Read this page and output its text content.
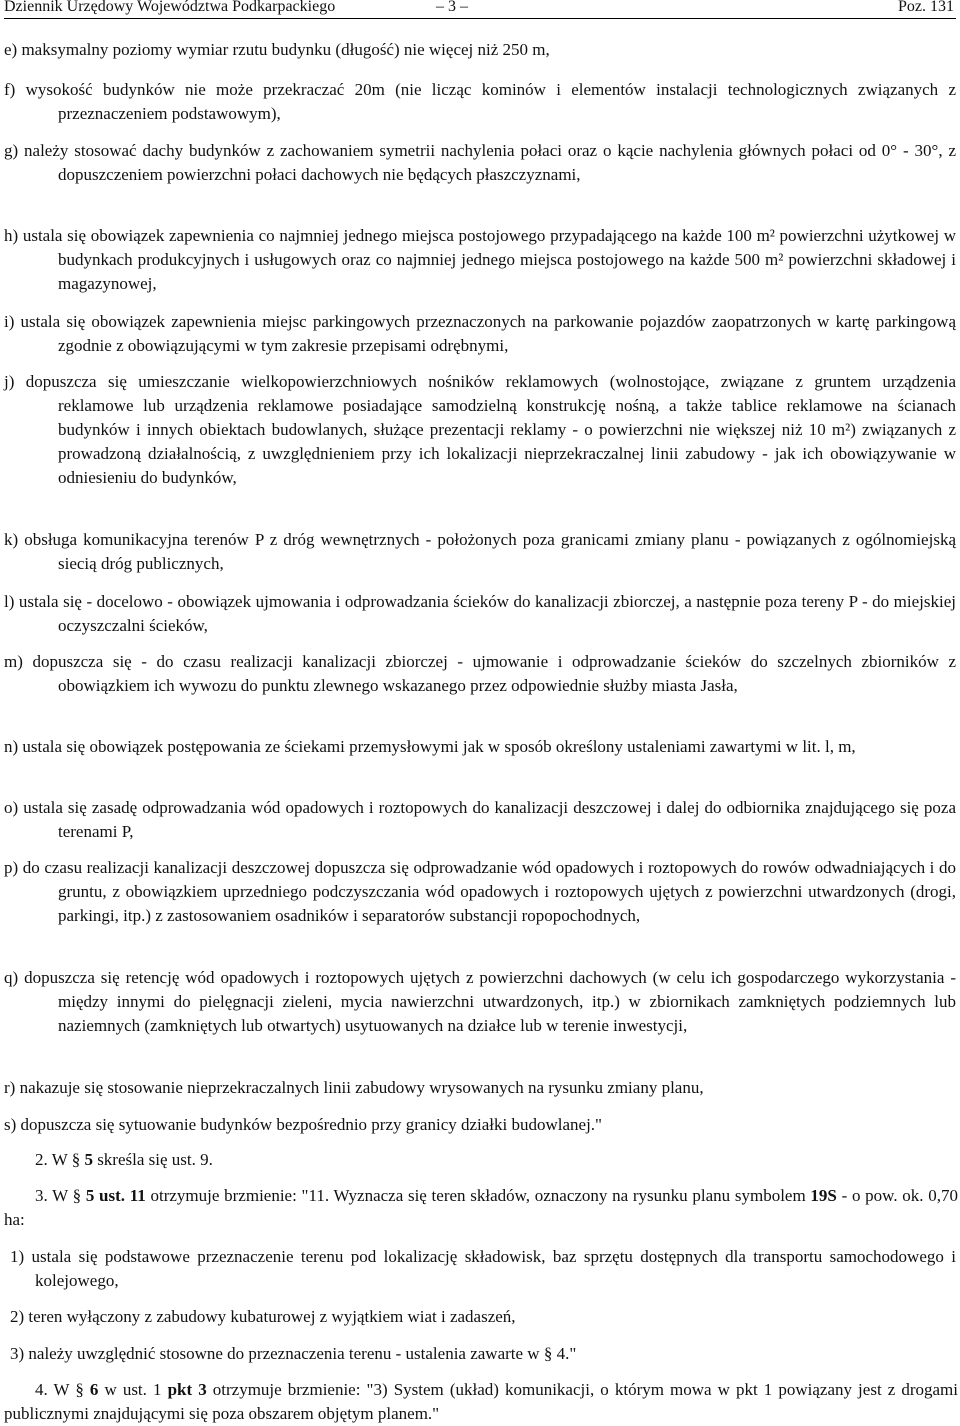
Dziennik Urzędowy Województwa Podkarpackiego	– 3 –	Poz. 131

e) maksymalny poziomy wymiar rzutu budynku (długość) nie więcej niż 250 m,

f) wysokość budynków nie może przekraczać 20m (nie licząc kominów i elementów instalacji technologicznych związanych z przeznaczeniem podstawowym),

g) należy stosować dachy budynków z zachowaniem symetrii nachylenia połaci oraz o kącie nachylenia głównych połaci od 0° - 30°, z dopuszczeniem powierzchni połaci dachowych nie będących płaszczyznami,

h) ustala się obowiązek zapewnienia co najmniej jednego miejsca postojowego przypadającego na każde 100 m² powierzchni użytkowej w budynkach produkcyjnych i usługowych oraz co najmniej jednego miejsca postojowego na każde 500 m² powierzchni składowej i magazynowej,

i) ustala się obowiązek zapewnienia miejsc parkingowych przeznaczonych na parkowanie pojazdów zaopatrzonych w kartę parkingową zgodnie z obowiązującymi w tym zakresie przepisami odrębnymi,

j) dopuszcza się umieszczanie wielkopowierzchniowych nośników reklamowych (wolnostojące, związane z gruntem urządzenia reklamowe lub urządzenia reklamowe posiadające samodzielną konstrukcję nośną, a także tablice reklamowe na ścianach budynków i innych obiektach budowlanych, służące prezentacji reklamy - o powierzchni nie większej niż 10 m²) związanych z prowadzoną działalnością, z uwzględnieniem przy ich lokalizacji nieprzekraczalnej linii zabudowy - jak ich obowiązywanie w odniesieniu do budynków,

k) obsługa komunikacyjna terenów P z dróg wewnętrznych - położonych poza granicami zmiany planu - powiązanych z ogólnomiejską siecią dróg publicznych,

l) ustala się - docelowo - obowiązek ujmowania i odprowadzania ścieków do kanalizacji zbiorczej, a następnie poza tereny P - do miejskiej oczyszczalni ścieków,

m) dopuszcza się - do czasu realizacji kanalizacji zbiorczej - ujmowanie i odprowadzanie ścieków do szczelnych zbiorników z obowiązkiem ich wywozu do punktu zlewnego wskazanego przez odpowiednie służby miasta Jasła,

n) ustala się obowiązek postępowania ze ściekami przemysłowymi jak w sposób określony ustaleniami zawartymi w lit. l, m,

o) ustala się zasadę odprowadzania wód opadowych i roztopowych do kanalizacji deszczowej i dalej do odbiornika znajdującego się poza terenami P,

p) do czasu realizacji kanalizacji deszczowej dopuszcza się odprowadzanie wód opadowych i roztopowych do rowów odwadniających i do gruntu, z obowiązkiem uprzedniego podczyszczania wód opadowych i roztopowych ujętych z powierzchni utwardzonych (drogi, parkingi, itp.) z zastosowaniem osadników i separatorów substancji ropopochodnych,

q) dopuszcza się retencję wód opadowych i roztopowych ujętych z powierzchni dachowych (w celu ich gospodarczego wykorzystania - między innymi do pielęgnacji zieleni, mycia nawierzchni utwardzonych, itp.) w zbiornikach zamkniętych podziemnych lub naziemnych (zamkniętych lub otwartych) usytuowanych na działce lub w terenie inwestycji,

r) nakazuje się stosowanie nieprzekraczalnych linii zabudowy wrysowanych na rysunku zmiany planu,

s) dopuszcza się sytuowanie budynków bezpośrednio przy granicy działki budowlanej."

2. W § 5 skreśla się ust. 9.

3. W § 5 ust. 11 otrzymuje brzmienie: "11. Wyznacza się teren składów, oznaczony na rysunku planu symbolem 19S - o pow. ok. 0,70 ha:

1) ustala się podstawowe przeznaczenie terenu pod lokalizację składowisk, baz sprzętu dostępnych dla transportu samochodowego i kolejowego,

2) teren wyłączony z zabudowy kubaturowej z wyjątkiem wiat i zadaszeń,

3) należy uwzględnić stosowne do przeznaczenia terenu - ustalenia zawarte w § 4."

4. W § 6 w ust. 1 pkt 3 otrzymuje brzmienie: "3) System (układ) komunikacji, o którym mowa w pkt 1 powiązany jest z drogami publicznymi znajdującymi się poza obszarem objętym planem."
